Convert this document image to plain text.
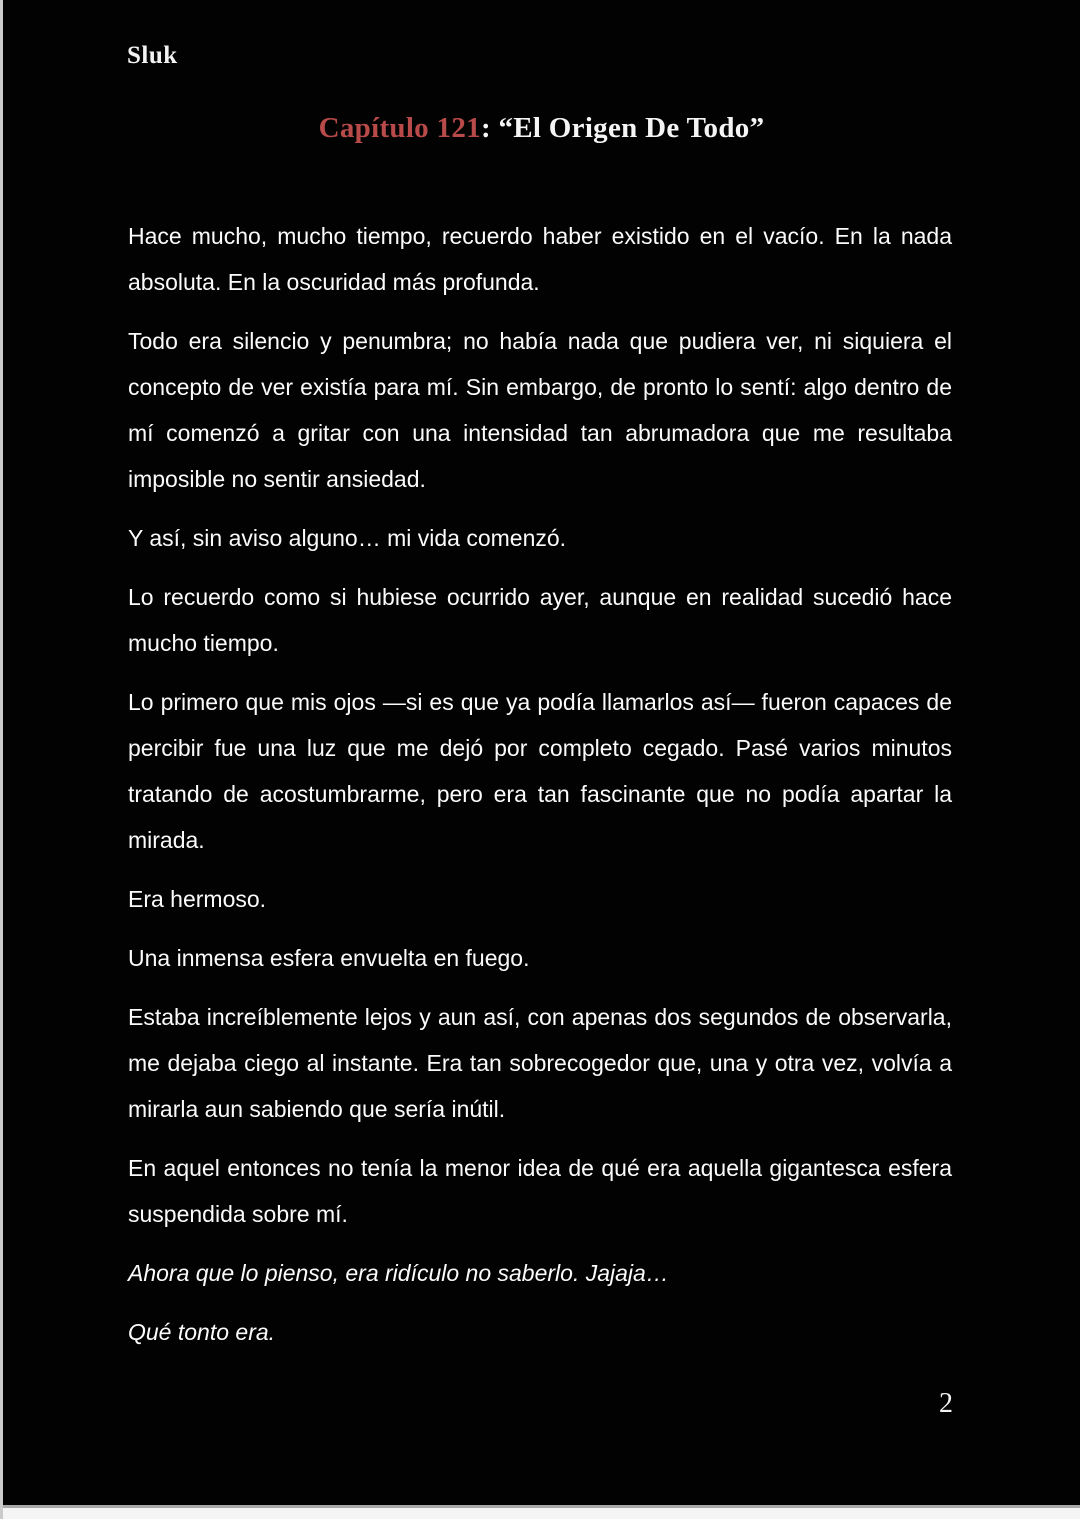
Sluk
Capítulo 121: “El Origen De Todo”

Hace mucho, mucho tiempo, recuerdo haber existido en el vacío. En la nada absoluta. En la oscuridad más profunda.

Todo era silencio y penumbra; no había nada que pudiera ver, ni siquiera el concepto de ver existía para mí. Sin embargo, de pronto lo sentí: algo dentro de mí comenzó a gritar con una intensidad tan abrumadora que me resultaba imposible no sentir ansiedad.

Y así, sin aviso alguno… mi vida comenzó.

Lo recuerdo como si hubiese ocurrido ayer, aunque en realidad sucedió hace mucho tiempo.

Lo primero que mis ojos —si es que ya podía llamarlos así— fueron capaces de percibir fue una luz que me dejó por completo cegado. Pasé varios minutos tratando de acostumbrarme, pero era tan fascinante que no podía apartar la mirada.

Era hermoso.

Una inmensa esfera envuelta en fuego.

Estaba increíblemente lejos y aun así, con apenas dos segundos de observarla, me dejaba ciego al instante. Era tan sobrecogedor que, una y otra vez, volvía a mirarla aun sabiendo que sería inútil.

En aquel entonces no tenía la menor idea de qué era aquella gigantesca esfera suspendida sobre mí.

Ahora que lo pienso, era ridículo no saberlo. Jajaja…

Qué tonto era.

2
